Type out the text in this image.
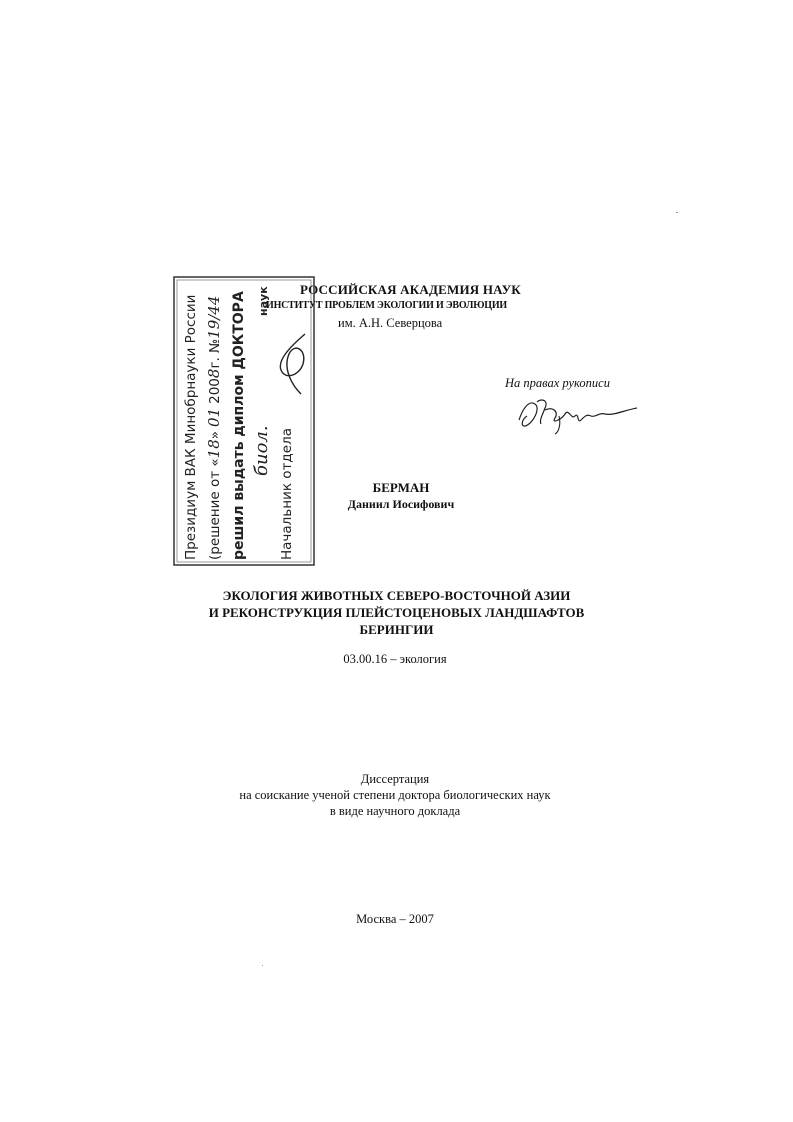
РОССИЙСКАЯ АКАДЕМИЯ НАУК
ИНСТИТУТ ПРОБЛЕМ ЭКОЛОГИИ И ЭВОЛЮЦИИ
им. А.Н. Северцова
На правах рукописи
БЕРМАН
Даниил Иосифович
ЭКОЛОГИЯ ЖИВОТНЫХ СЕВЕРО-ВОСТОЧНОЙ АЗИИ
И РЕКОНСТРУКЦИЯ ПЛЕЙСТОЦЕНОВЫХ ЛАНДШАФТОВ
БЕРИНГИИ
03.00.16 – экология
Диссертация
на соискание ученой степени доктора биологических наук
в виде научного доклада
Москва – 2007
Президиум ВАК Минобрнауки России (решение от «18»012008г. №19/44 решил выдать диплом ДОКТОРА биол.
наук
Начальник отдела
